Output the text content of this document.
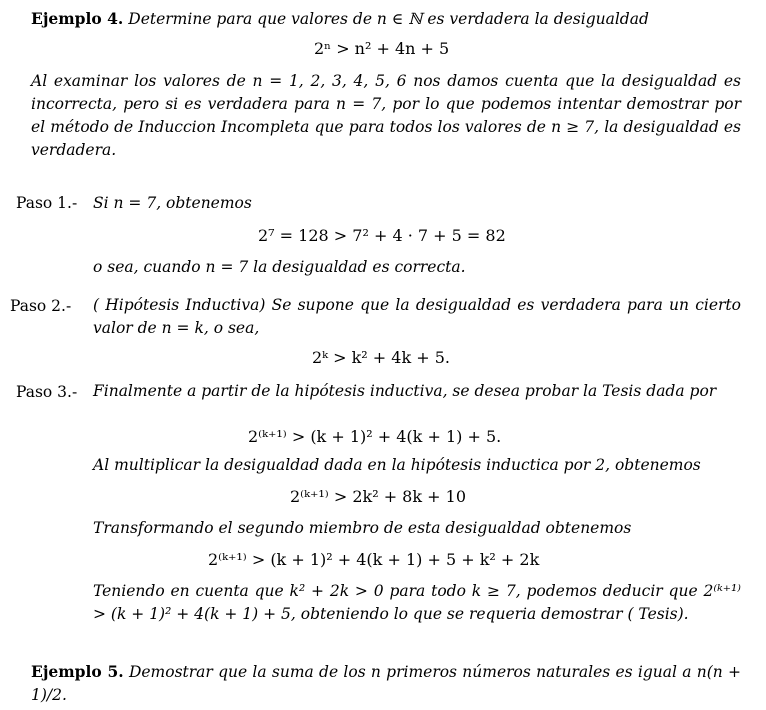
Ejemplo 4. Determine para que valores de n ∈ ℕ es verdadera la desigualdad
2ⁿ > n² + 4n + 5
Al examinar los valores de n = 1, 2, 3, 4, 5, 6 nos damos cuenta que la desigualdad es incorrecta, pero si es verdadera para n = 7, por lo que podemos intentar demostrar por el método de Induccion Incompleta que para todos los valores de n ≥ 7, la desigualdad es verdadera.
Paso 1.- Si n = 7, obtenemos
2⁷ = 128 > 7² + 4 · 7 + 5 = 82
o sea, cuando n = 7 la desigualdad es correcta.
Paso 2.- ( Hipótesis Inductiva) Se supone que la desigualdad es verdadera para un cierto valor de n = k, o sea,
2ᵏ > k² + 4k + 5.
Paso 3.- Finalmente a partir de la hipótesis inductiva, se desea probar la Tesis dada por
2⁽ᵏ⁺¹⁾ > (k + 1)² + 4(k + 1) + 5.
Al multiplicar la desigualdad dada en la hipótesis inductica por 2, obtenemos
2⁽ᵏ⁺¹⁾ > 2k² + 8k + 10
Transformando el segundo miembro de esta desigualdad obtenemos
2⁽ᵏ⁺¹⁾ > (k + 1)² + 4(k + 1) + 5 + k² + 2k
Teniendo en cuenta que k² + 2k > 0 para todo k ≥ 7, podemos deducir que 2⁽ᵏ⁺¹⁾ > (k + 1)² + 4(k + 1) + 5, obteniendo lo que se requeria demostrar ( Tesis).
Ejemplo 5. Demostrar que la suma de los n primeros números naturales es igual a n(n + 1)/2.
